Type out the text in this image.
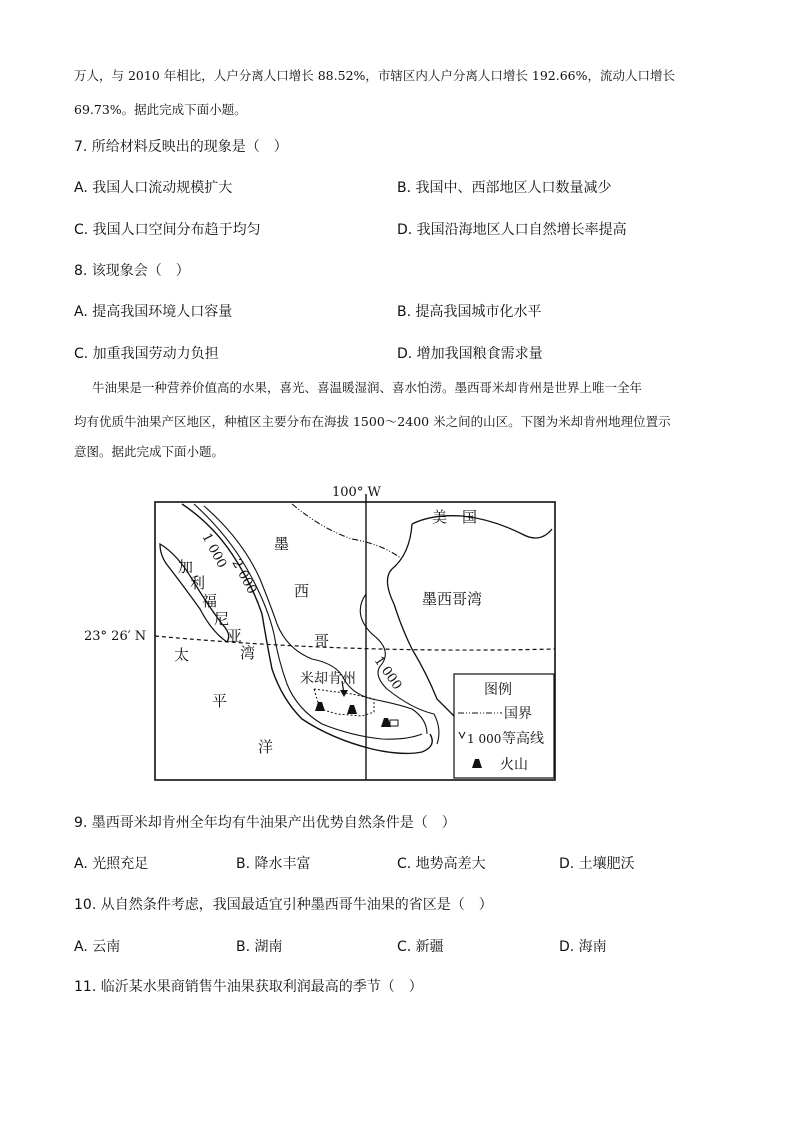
万人，与 2010 年相比，人户分离人口增长 88.52%，市辖区内人户分离人口增长 192.66%，流动人口增长
69.73%。据此完成下面小题。
7. 所给材料反映出的现象是（　）
A. 我国人口流动规模扩大	B. 我国中、西部地区人口数量减少
C. 我国人口空间分布趋于均匀	D. 我国沿海地区人口自然增长率提高
8. 该现象会（　）
A. 提高我国环境人口容量	B. 提高我国城市化水平
C. 加重我国劳动力负担	D. 增加我国粮食需求量
牛油果是一种营养价值高的水果，喜光、喜温暖湿润、喜水怕涝。墨西哥米却肯州是世界上唯一全年
均有优质牛油果产区地区，种植区主要分布在海拔 1500～2400 米之间的山区。下图为米却肯州地理位置示
意图。据此完成下面小题。
100° W
23° 26′ N
1 000
2 000
1 000
美　国
墨西哥湾
墨
西
哥
加
利
福
尼
亚
湾
太
平
洋
米却肯州
图例
国界
1 000 等高线
火山
9. 墨西哥米却肯州全年均有牛油果产出优势自然条件是（　）
A. 光照充足	B. 降水丰富	C. 地势高差大	D. 土壤肥沃
10. 从自然条件考虑，我国最适宜引种墨西哥牛油果的省区是（　）
A. 云南	B. 湖南	C. 新疆	D. 海南
11. 临沂某水果商销售牛油果获取利润最高的季节（　）
